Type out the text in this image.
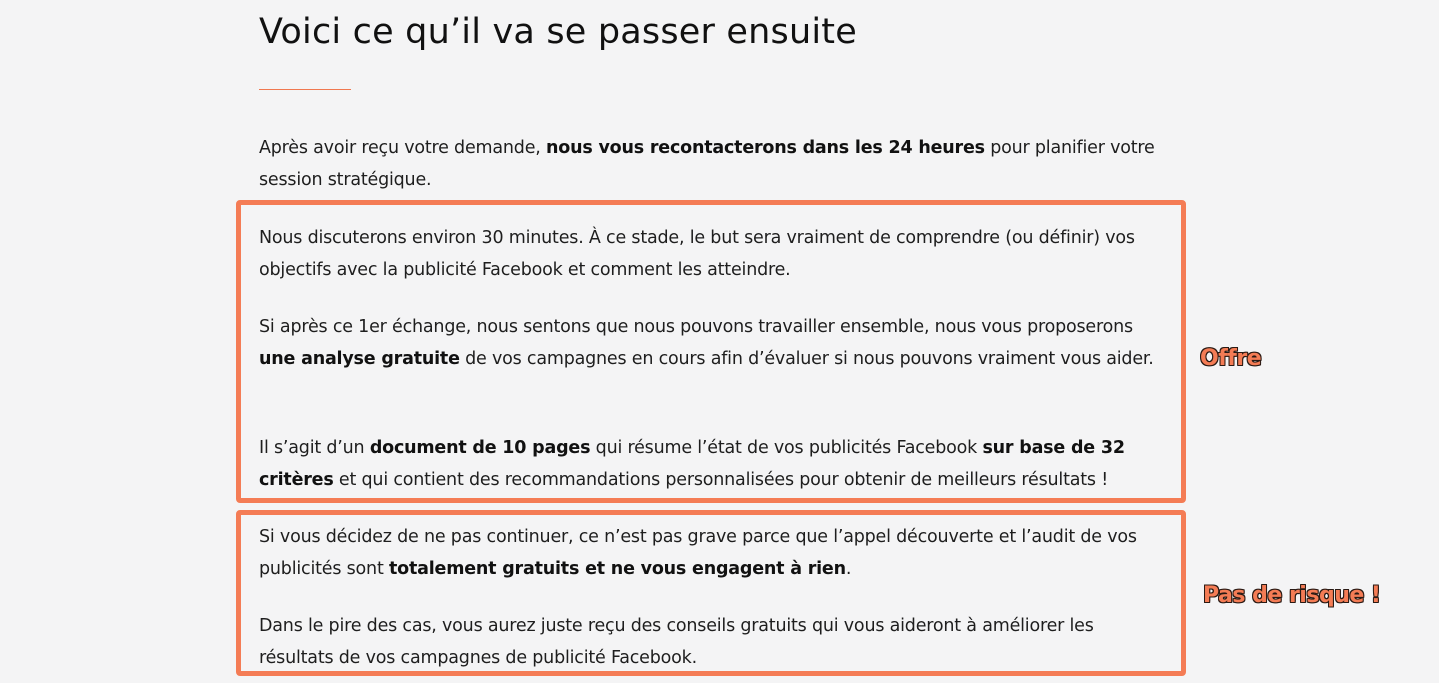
Voici ce qu’il va se passer ensuite

Après avoir reçu votre demande, nous vous recontacterons dans les 24 heures pour planifier votre session stratégique.

Nous discuterons environ 30 minutes. À ce stade, le but sera vraiment de comprendre (ou définir) vos objectifs avec la publicité Facebook et comment les atteindre.

Si après ce 1er échange, nous sentons que nous pouvons travailler ensemble, nous vous proposerons une analyse gratuite de vos campagnes en cours afin d’évaluer si nous pouvons vraiment vous aider.

Il s’agit d’un document de 10 pages qui résume l’état de vos publicités Facebook sur base de 32 critères et qui contient des recommandations personnalisées pour obtenir de meilleurs résultats !

Offre

Si vous décidez de ne pas continuer, ce n’est pas grave parce que l’appel découverte et l’audit de vos publicités sont totalement gratuits et ne vous engagent à rien.

Dans le pire des cas, vous aurez juste reçu des conseils gratuits qui vous aideront à améliorer les résultats de vos campagnes de publicité Facebook.

Pas de risque !
